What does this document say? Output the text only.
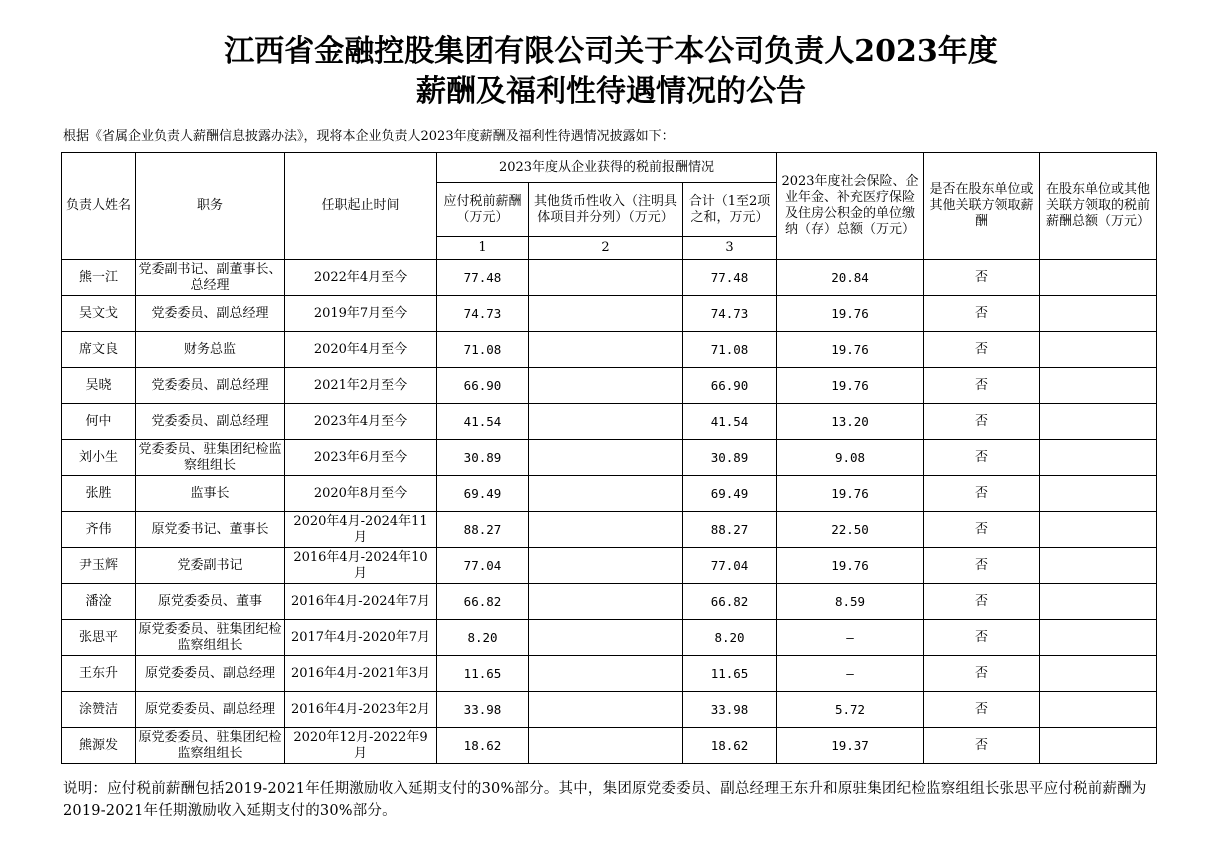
江西省金融控股集团有限公司关于本公司负责人2023年度
薪酬及福利性待遇情况的公告
根据《省属企业负责人薪酬信息披露办法》，现将本企业负责人2023年度薪酬及福利性待遇情况披露如下：
负责人姓名	职务	任职起止时间	2023年度从企业获得的税前报酬情况			2023年度社会保险、企业年金、补充医疗保险及住房公积金的单位缴纳（存）总额（万元）	是否在股东单位或其他关联方领取薪酬	在股东单位或其他关联方领取的税前薪酬总额（万元）
			应付税前薪酬（万元）	其他货币性收入（注明具体项目并分列）（万元）	合计（1至2项之和，万元）			
			1	2	3			
熊一江	党委副书记、副董事长、总经理	2022年4月至今	77.48		77.48	20.84	否	
吴文戈	党委委员、副总经理	2019年7月至今	74.73		74.73	19.76	否	
席文良	财务总监	2020年4月至今	71.08		71.08	19.76	否	
吴晓	党委委员、副总经理	2021年2月至今	66.90		66.90	19.76	否	
何中	党委委员、副总经理	2023年4月至今	41.54		41.54	13.20	否	
刘小生	党委委员、驻集团纪检监察组组长	2023年6月至今	30.89		30.89	9.08	否	
张胜	监事长	2020年8月至今	69.49		69.49	19.76	否	
齐伟	原党委书记、董事长	2020年4月-2024年11月	88.27		88.27	22.50	否	
尹玉辉	党委副书记	2016年4月-2024年10月	77.04		77.04	19.76	否	
潘淦	原党委委员、董事	2016年4月-2024年7月	66.82		66.82	8.59	否	
张思平	原党委委员、驻集团纪检监察组组长	2017年4月-2020年7月	8.20		8.20	–	否	
王东升	原党委委员、副总经理	2016年4月-2021年3月	11.65		11.65	–	否	
涂赞洁	原党委委员、副总经理	2016年4月-2023年2月	33.98		33.98	5.72	否	
熊源发	原党委委员、驻集团纪检监察组组长	2020年12月-2022年9月	18.62		18.62	19.37	否	
说明：应付税前薪酬包括2019-2021年任期激励收入延期支付的30%部分。其中，集团原党委委员、副总经理王东升和原驻集团纪检监察组组长张思平应付税前薪酬为2019-2021年任期激励收入延期支付的30%部分。
